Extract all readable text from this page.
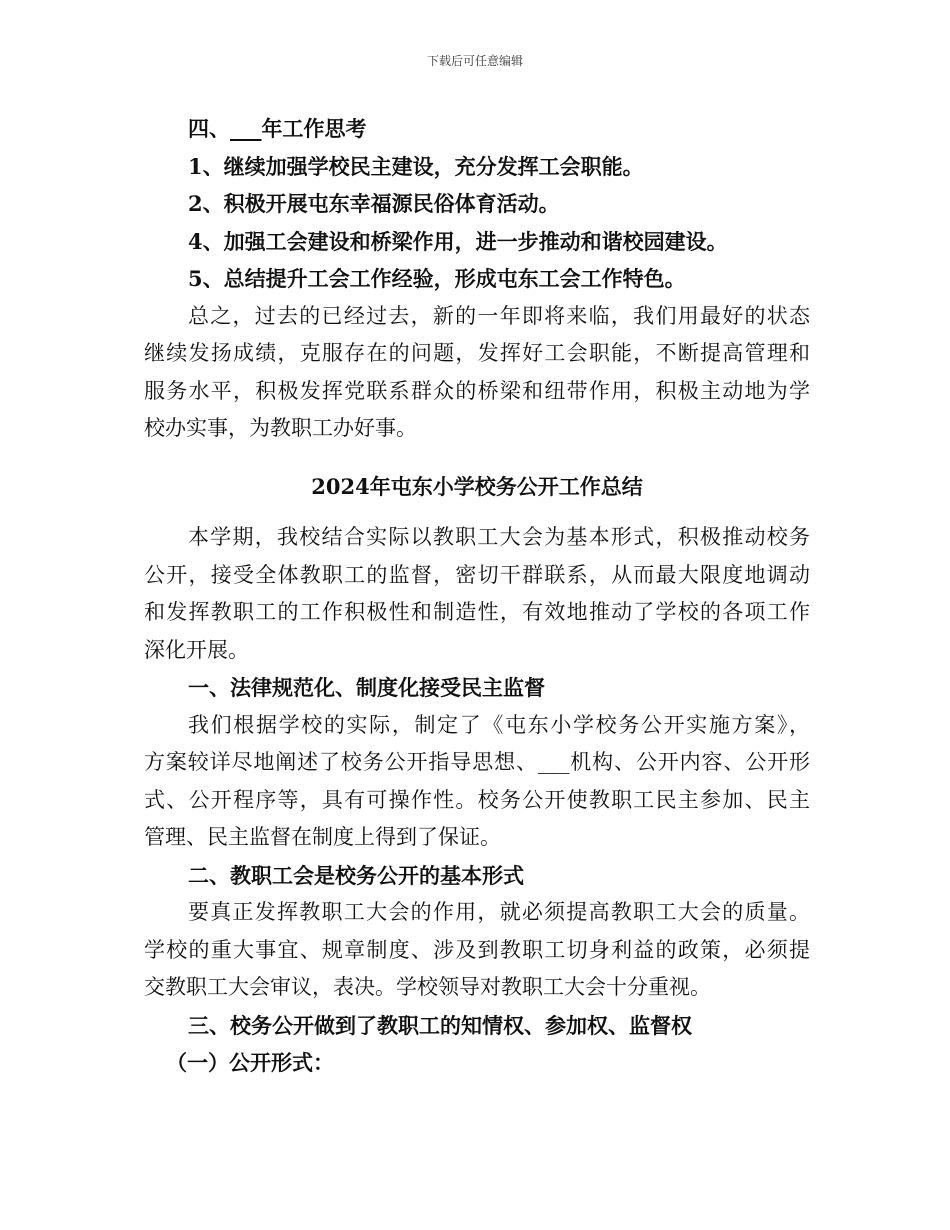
下载后可任意编辑
四、___年工作思考
1、继续加强学校民主建设，充分发挥工会职能。
2、积极开展屯东幸福源民俗体育活动。
4、加强工会建设和桥梁作用，进一步推动和谐校园建设。
5、总结提升工会工作经验，形成屯东工会工作特色。
总之，过去的已经过去，新的一年即将来临，我们用最好的状态
继续发扬成绩，克服存在的问题，发挥好工会职能，不断提高管理和
服务水平，积极发挥党联系群众的桥梁和纽带作用，积极主动地为学
校办实事，为教职工办好事。
2024年屯东小学校务公开工作总结
本学期，我校结合实际以教职工大会为基本形式，积极推动校务
公开，接受全体教职工的监督，密切干群联系，从而最大限度地调动
和发挥教职工的工作积极性和制造性，有效地推动了学校的各项工作
深化开展。
一、法律规范化、制度化接受民主监督
我们根据学校的实际，制定了《屯东小学校务公开实施方案》，
方案较详尽地阐述了校务公开指导思想、___机构、公开内容、公开形
式、公开程序等，具有可操作性。校务公开使教职工民主参加、民主
管理、民主监督在制度上得到了保证。
二、教职工会是校务公开的基本形式
要真正发挥教职工大会的作用，就必须提高教职工大会的质量。
学校的重大事宜、规章制度、涉及到教职工切身利益的政策，必须提
交教职工大会审议，表决。学校领导对教职工大会十分重视。
三、校务公开做到了教职工的知情权、参加权、监督权
（一）公开形式：
